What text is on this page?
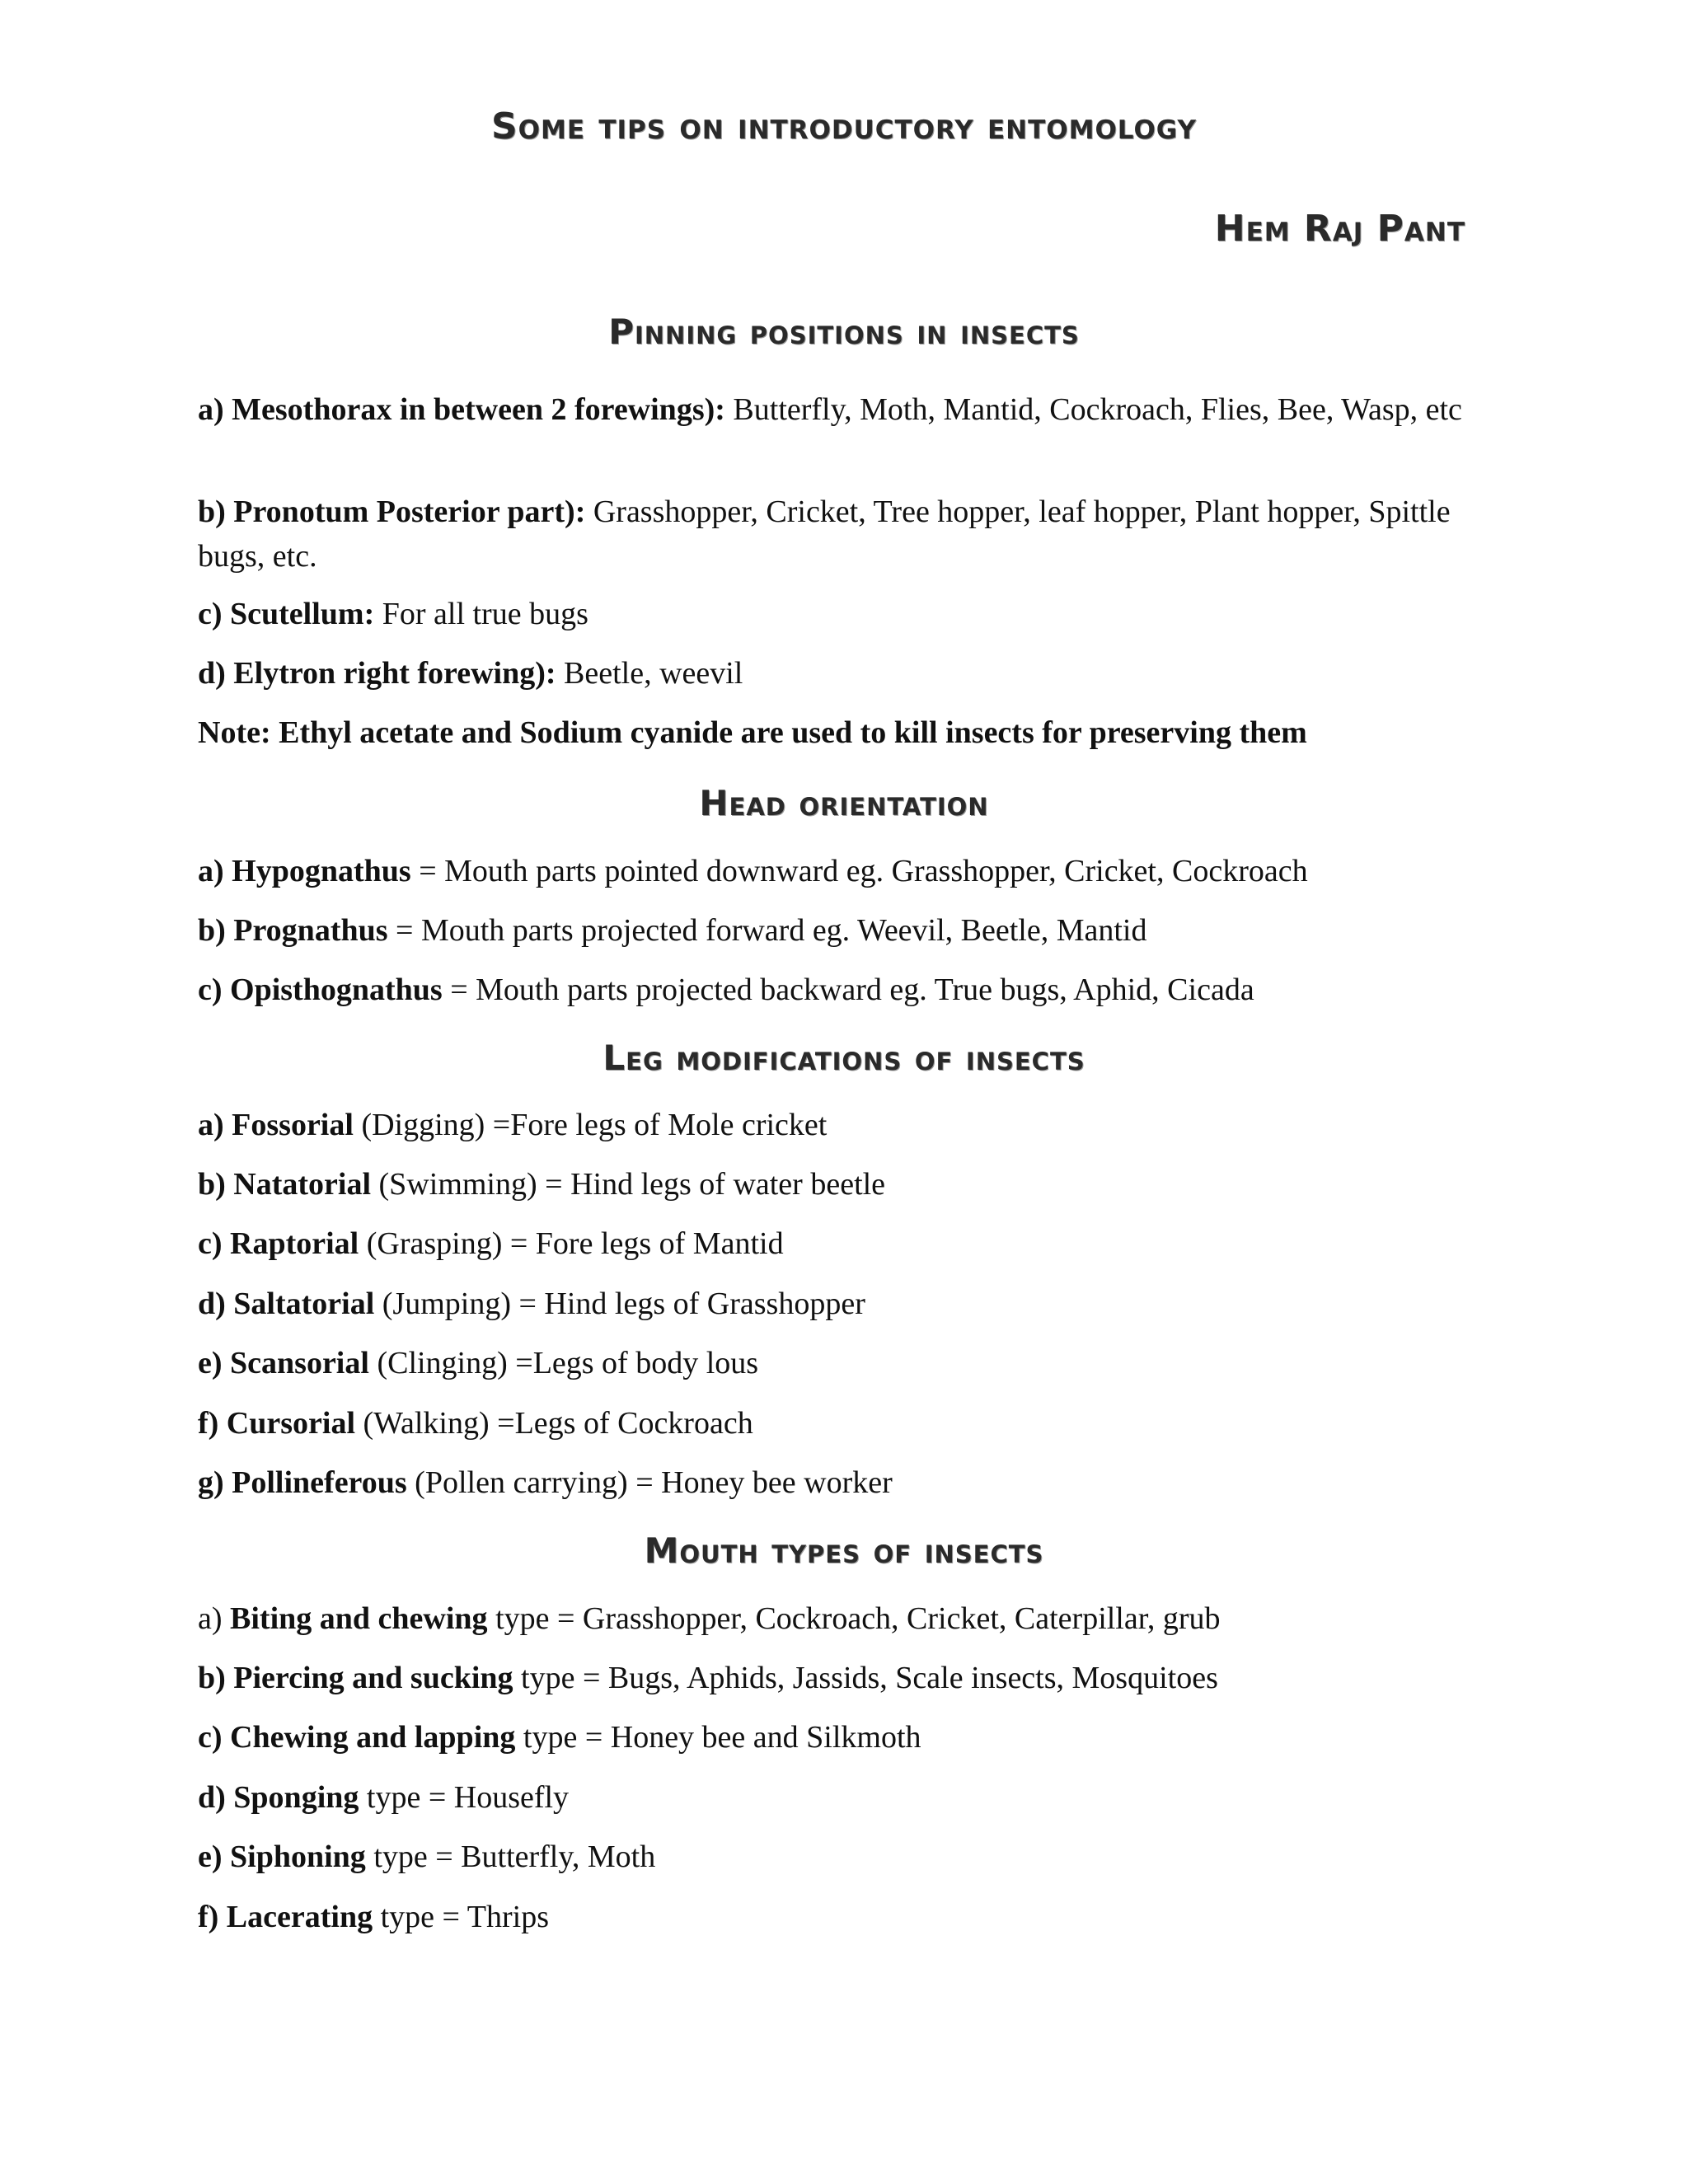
Some tips on introductory entomology
Hem Raj Pant
Pinning positions in insects

a) Mesothorax in between 2 forewings): Butterfly, Moth, Mantid, Cockroach, Flies, Bee, Wasp, etc

b) Pronotum Posterior part): Grasshopper, Cricket, Tree hopper, leaf hopper, Plant hopper, Spittle bugs, etc.

c) Scutellum: For all true bugs

d) Elytron right forewing): Beetle, weevil

Note: Ethyl acetate and Sodium cyanide are used to kill insects for preserving them

Head orientation

a) Hypognathus = Mouth parts pointed downward eg. Grasshopper, Cricket, Cockroach

b) Prognathus = Mouth parts projected forward eg. Weevil, Beetle, Mantid

c) Opisthognathus = Mouth parts projected backward eg. True bugs, Aphid, Cicada

Leg modifications of insects

a) Fossorial (Digging) =Fore legs of Mole cricket

b) Natatorial (Swimming) = Hind legs of water beetle

c) Raptorial (Grasping) = Fore legs of Mantid

d) Saltatorial (Jumping) = Hind legs of Grasshopper

e) Scansorial (Clinging) =Legs of body lous

f) Cursorial (Walking) =Legs of Cockroach

g) Pollineferous (Pollen carrying) = Honey bee worker

Mouth types of insects

a) Biting and chewing type = Grasshopper, Cockroach, Cricket, Caterpillar, grub

b) Piercing and sucking type = Bugs, Aphids, Jassids, Scale insects, Mosquitoes

c) Chewing and lapping type = Honey bee and Silkmoth

d) Sponging type = Housefly

e) Siphoning type = Butterfly, Moth

f) Lacerating type = Thrips
